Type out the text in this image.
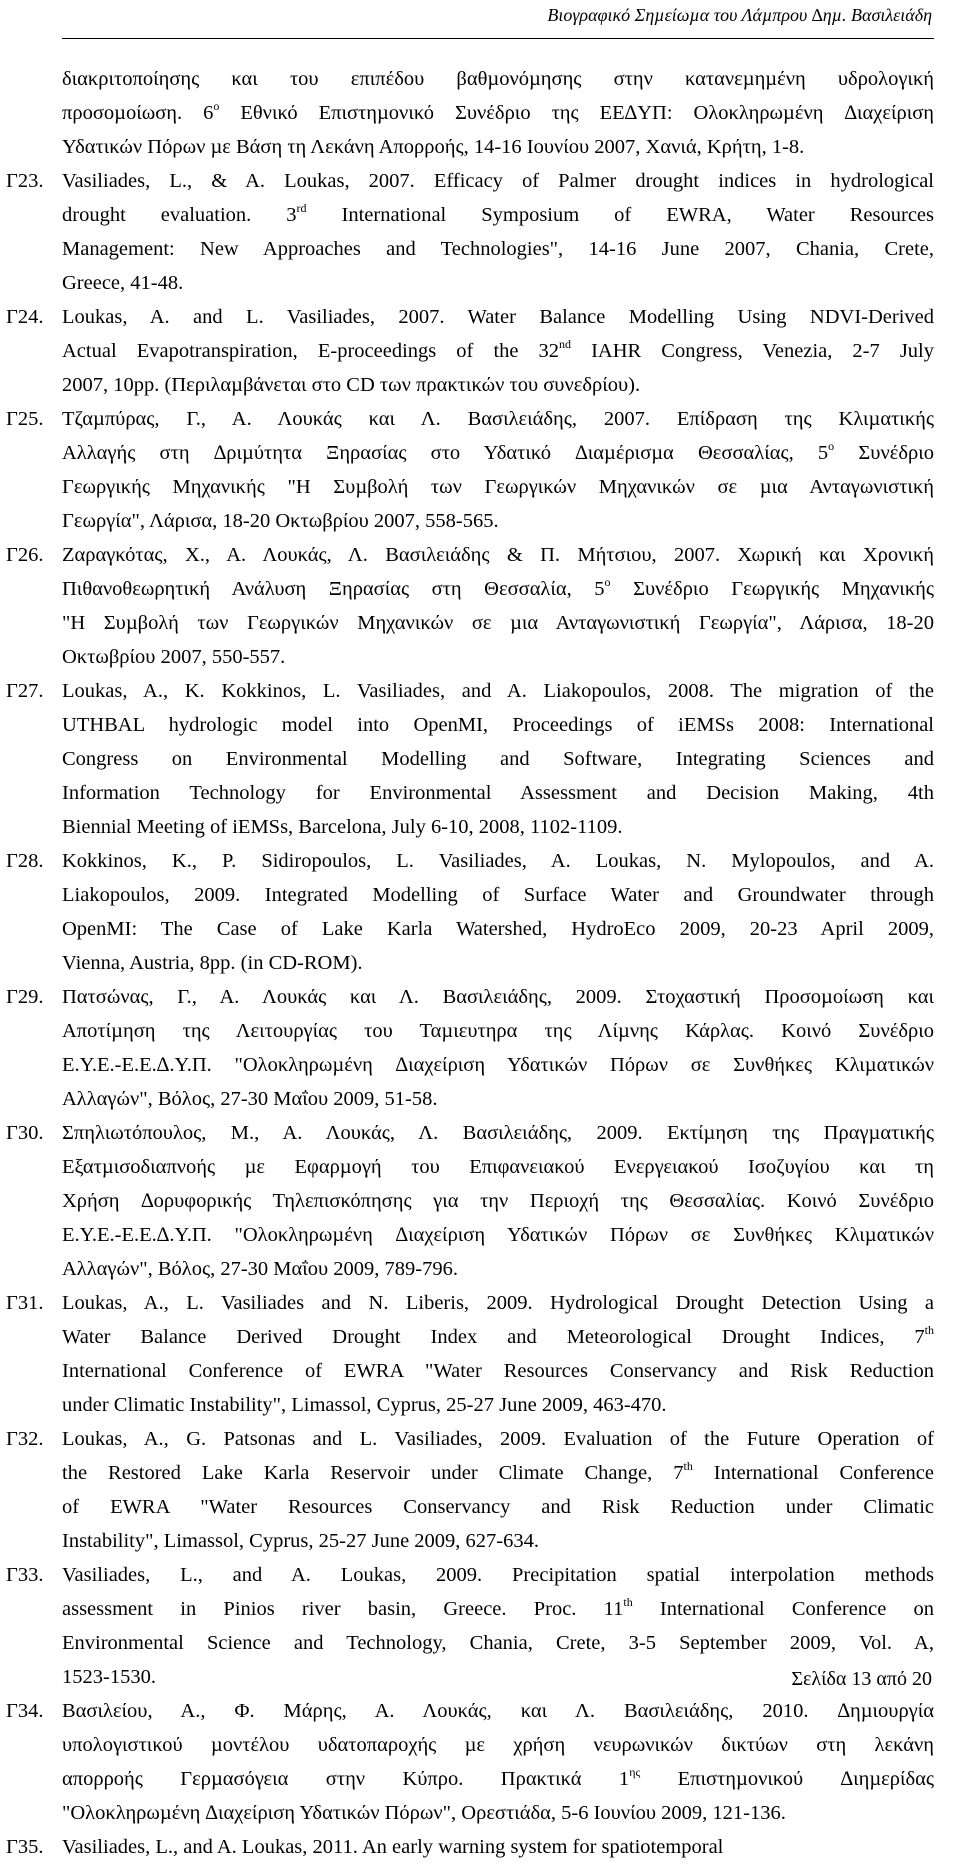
Βιογραφικό Σηµείωµα του Λάµπρου ∆ηµ. Βασιλειάδη
διακριτοποίησης και του επιπέδου βαθµονόµησης στην κατανεµηµένη υδρολογική
προσοµοίωση. 6$^o$ Εθνικό Επιστηµονικό Συνέδριο της ΕΕ∆ΥΠ: Ολοκληρωµένη ∆ιαχείριση
Υδατικών Πόρων µε Βάση τη Λεκάνη Απορροής, 14-16 Ιουνίου 2007, Χανιά, Κρήτη, 1-8.
Γ23. Vasiliades, L., & A. Loukas, 2007. Efficacy of Palmer drought indices in hydrological
drought evaluation. 3rd International Symposium of EWRA, Water Resources
Management: New Approaches and Technologies", 14-16 June 2007, Chania, Crete,
Greece, 41-48.
Γ24. Loukas, A. and L. Vasiliades, 2007. Water Balance Modelling Using NDVI-Derived
Actual Evapotranspiration, E-proceedings of the 32nd IAHR Congress, Venezia, 2-7 July
2007, 10pp. (Περιλαµβάνεται στο CD των πρακτικών του συνεδρίου).
Γ25. Τζαµπύρας, Γ., Α. Λουκάς και Λ. Βασιλειάδης, 2007. Επίδραση της Κλιµατικής
Αλλαγής στη ∆ριµύτητα Ξηρασίας στο Υδατικό ∆ιαµέρισµα Θεσσαλίας, 5$^o$ Συνέδριο
Γεωργικής Μηχανικής "Η Συµβολή των Γεωργικών Μηχανικών σε µια Ανταγωνιστική
Γεωργία", Λάρισα, 18-20 Οκτωβρίου 2007, 558-565.
Γ26. Ζαραγκότας, Χ., Α. Λουκάς, Λ. Βασιλειάδης & Π. Μήτσιου, 2007. Χωρική και Χρονική
Πιθανοθεωρητική Ανάλυση Ξηρασίας στη Θεσσαλία, 5$^o$ Συνέδριο Γεωργικής Μηχανικής
"Η Συµβολή των Γεωργικών Μηχανικών σε µια Ανταγωνιστική Γεωργία", Λάρισα, 18-20
Οκτωβρίου 2007, 550-557.
Γ27. Loukas, A., K. Kokkinos, L. Vasiliades, and A. Liakopoulos, 2008. The migration of the
UTHBAL hydrologic model into OpenMI, Proceedings of iEMSs 2008: International
Congress on Environmental Modelling and Software, Integrating Sciences and
Information Technology for Environmental Assessment and Decision Making, 4th
Biennial Meeting of iEMSs, Barcelona, July 6-10, 2008, 1102-1109.
Γ28. Kokkinos, K., P. Sidiropoulos, L. Vasiliades, A. Loukas, N. Mylopoulos, and A.
Liakopoulos, 2009. Integrated Modelling of Surface Water and Groundwater through
OpenMI: The Case of Lake Karla Watershed, HydroEco 2009, 20-23 April 2009,
Vienna, Austria, 8pp. (in CD-ROM).
Γ29. Πατσώνας, Γ., Α. Λουκάς και Λ. Βασιλειάδης, 2009. Στοχαστική Προσοµοίωση και
Αποτίµηση της Λειτουργίας του Ταµιευτηρα της Λίµνης Κάρλας. Κοινό Συνέδριο
Ε.Υ.Ε.-Ε.Ε.∆.Υ.Π. "Ολοκληρωµένη ∆ιαχείριση Υδατικών Πόρων σε Συνθήκες Κλιµατικών
Αλλαγών", Βόλος, 27-30 Μαΐου 2009, 51-58.
Γ30. Σπηλιωτόπουλος, Μ., Α. Λουκάς, Λ. Βασιλειάδης, 2009. Εκτίµηση της Πραγµατικής
Εξατµισοδιαπνοής µε Εφαρµογή του Επιφανειακού Ενεργειακού Ισοζυγίου και τη
Χρήση ∆ορυφορικής Τηλεπισκόπησης για την Περιοχή της Θεσσαλίας. Κοινό Συνέδριο
Ε.Υ.Ε.-Ε.Ε.∆.Υ.Π. "Ολοκληρωµένη ∆ιαχείριση Υδατικών Πόρων σε Συνθήκες Κλιµατικών
Αλλαγών", Βόλος, 27-30 Μαΐου 2009, 789-796.
Γ31. Loukas, A., L. Vasiliades and N. Liberis, 2009. Hydrological Drought Detection Using a
Water Balance Derived Drought Index and Meteorological Drought Indices, 7th
International Conference of EWRA "Water Resources Conservancy and Risk Reduction
under Climatic Instability", Limassol, Cyprus, 25-27 June 2009, 463-470.
Γ32. Loukas, A., G. Patsonas and L. Vasiliades, 2009. Evaluation of the Future Operation of
the Restored Lake Karla Reservoir under Climate Change, 7th International Conference
of EWRA "Water Resources Conservancy and Risk Reduction under Climatic
Instability", Limassol, Cyprus, 25-27 June 2009, 627-634.
Γ33. Vasiliades, L., and A. Loukas, 2009. Precipitation spatial interpolation methods
assessment in Pinios river basin, Greece. Proc. 11th International Conference on
Environmental Science and Technology, Chania, Crete, 3-5 September 2009, Vol. A,
1523-1530.
Γ34. Βασιλείου, Α., Φ. Μάρης, Α. Λουκάς, και Λ. Βασιλειάδης, 2010. ∆ηµιουργία
υπολογιστικού µοντέλου υδατοπαροχής µε χρήση νευρωνικών δικτύων στη λεκάνη
απορροής Γερµασόγεια στην Κύπρο. Πρακτικά $1^{\eta\varsigma}$ Επιστηµονικού ∆ιηµερίδας
"Ολοκληρωµένη ∆ιαχείριση Υδατικών Πόρων", Ορεστιάδα, 5-6 Ιουνίου 2009, 121-136.
Γ35. Vasiliades, L., and A. Loukas, 2011. An early warning system for spatiotemporal
Σελίδα 13 από 20
